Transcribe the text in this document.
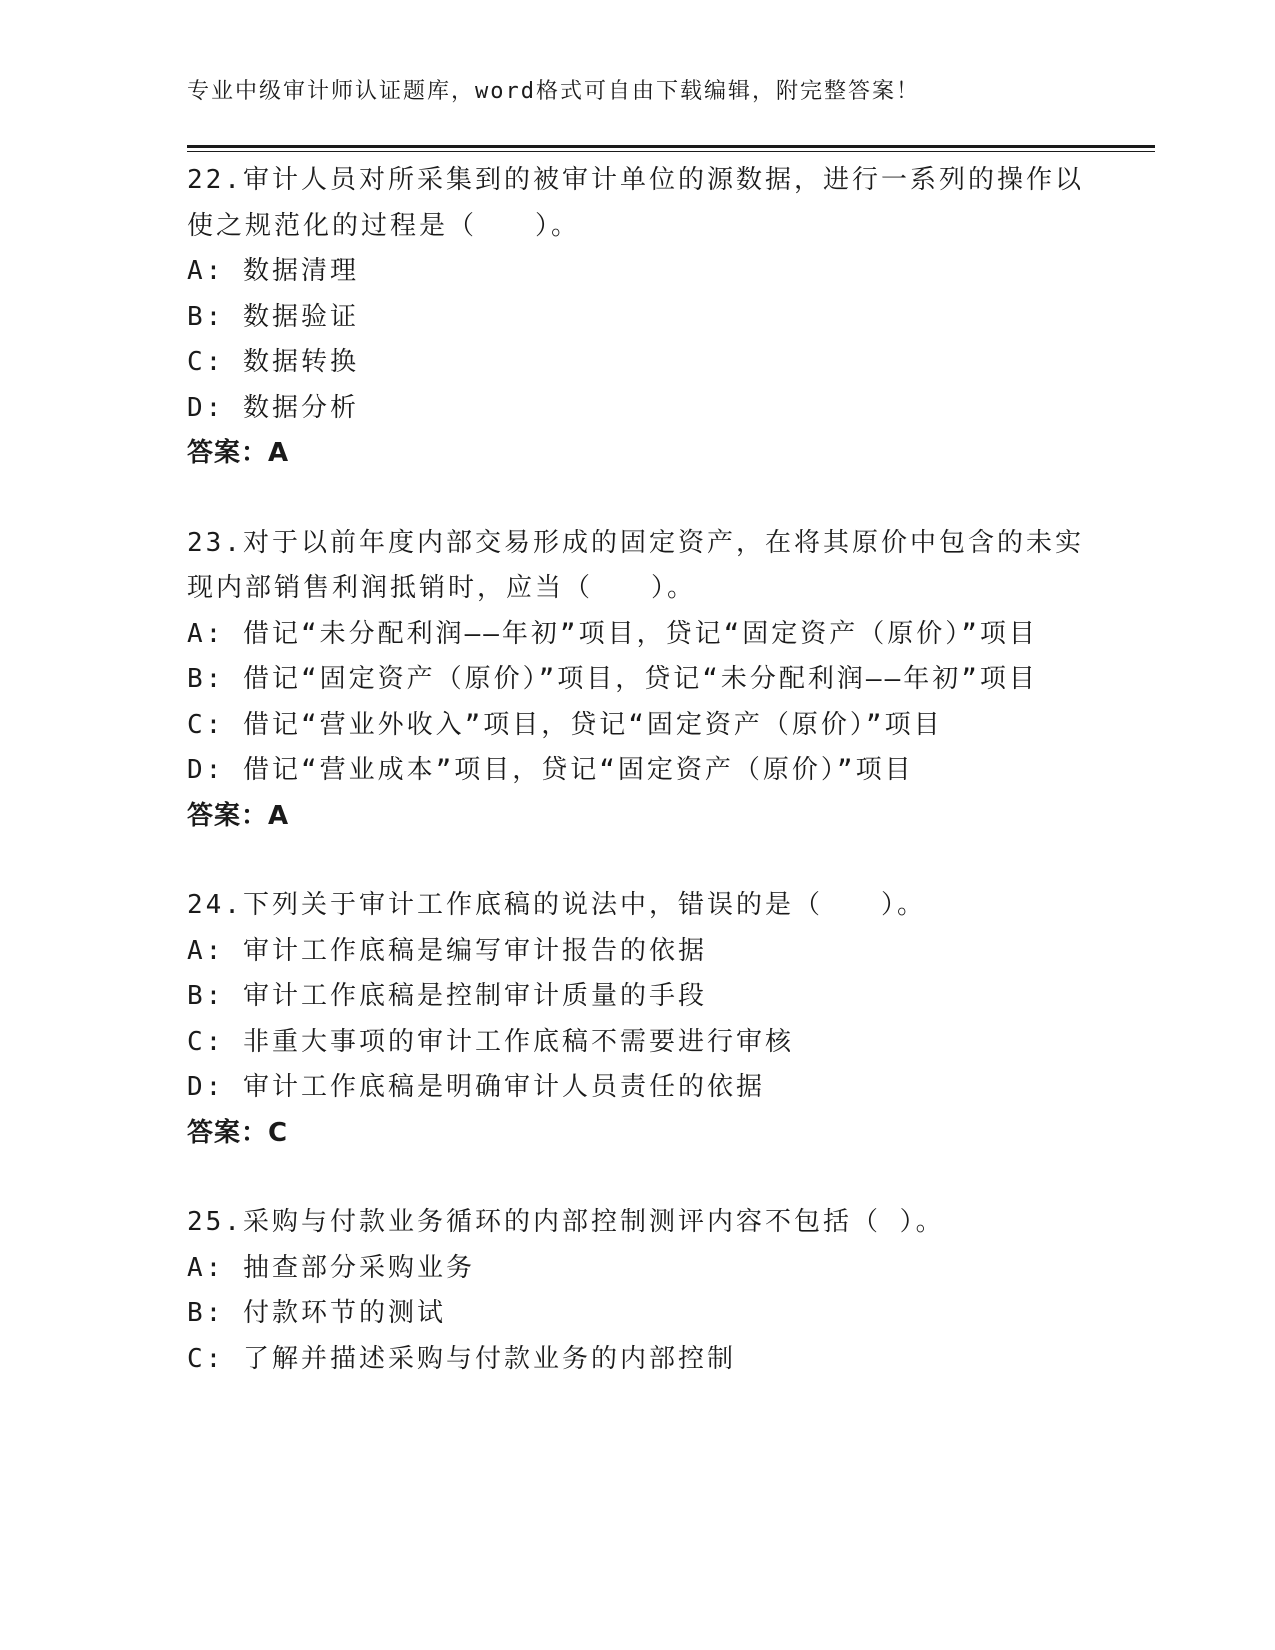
专业中级审计师认证题库，word格式可自由下载编辑，附完整答案！
22.审计人员对所采集到的被审计单位的源数据，进行一系列的操作以使之规范化的过程是（　　）。
A: 数据清理
B: 数据验证
C: 数据转换
D: 数据分析
答案：A
23.对于以前年度内部交易形成的固定资产，在将其原价中包含的未实现内部销售利润抵销时，应当（　　）。
A: 借记“未分配利润——年初”项目，贷记“固定资产（原价）”项目
B: 借记“固定资产（原价）”项目，贷记“未分配利润——年初”项目
C: 借记“营业外收入”项目，贷记“固定资产（原价）”项目
D: 借记“营业成本”项目，贷记“固定资产（原价）”项目
答案：A
24.下列关于审计工作底稿的说法中，错误的是（　　）。
A: 审计工作底稿是编写审计报告的依据
B: 审计工作底稿是控制审计质量的手段
C: 非重大事项的审计工作底稿不需要进行审核
D: 审计工作底稿是明确审计人员责任的依据
答案：C
25.采购与付款业务循环的内部控制测评内容不包括（ ）。
A: 抽查部分采购业务
B: 付款环节的测试
C: 了解并描述采购与付款业务的内部控制
